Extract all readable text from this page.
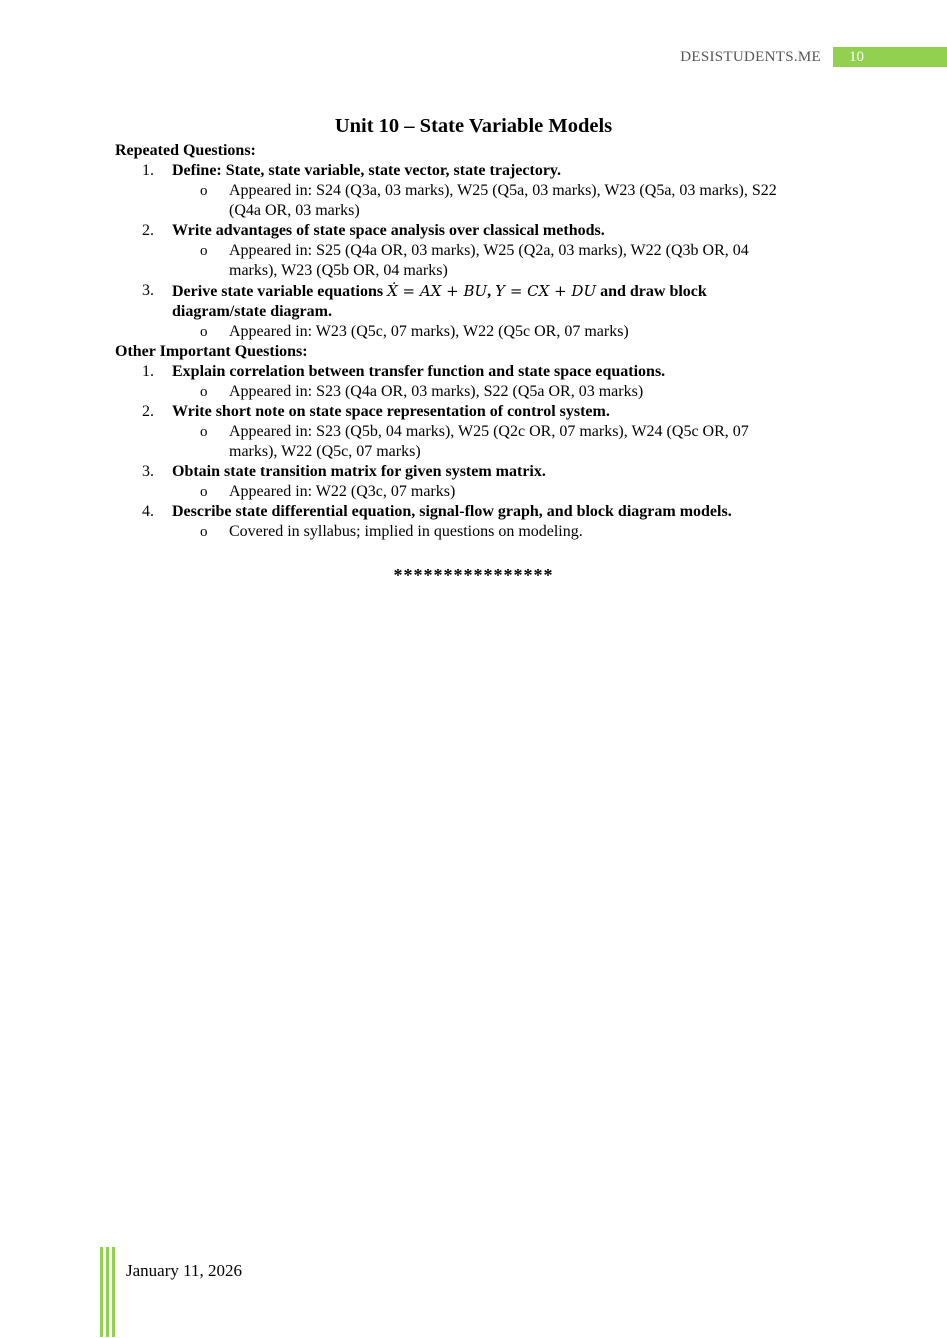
DESISTUDENTS.ME	10
Unit 10 – State Variable Models
Repeated Questions:
1. Define: State, state variable, state vector, state trajectory.
o Appeared in: S24 (Q3a, 03 marks), W25 (Q5a, 03 marks), W23 (Q5a, 03 marks), S22
(Q4a OR, 03 marks)
2. Write advantages of state space analysis over classical methods.
o Appeared in: S25 (Q4a OR, 03 marks), W25 (Q2a, 03 marks), W22 (Q3b OR, 04
marks), W23 (Q5b OR, 04 marks)
3. Derive state variable equations Ẋ = AX + BU, Y = CX + DU and draw block
diagram/state diagram.
o Appeared in: W23 (Q5c, 07 marks), W22 (Q5c OR, 07 marks)
Other Important Questions:
1. Explain correlation between transfer function and state space equations.
o Appeared in: S23 (Q4a OR, 03 marks), S22 (Q5a OR, 03 marks)
2. Write short note on state space representation of control system.
o Appeared in: S23 (Q5b, 04 marks), W25 (Q2c OR, 07 marks), W24 (Q5c OR, 07
marks), W22 (Q5c, 07 marks)
3. Obtain state transition matrix for given system matrix.
o Appeared in: W22 (Q3c, 07 marks)
4. Describe state differential equation, signal-flow graph, and block diagram models.
o Covered in syllabus; implied in questions on modeling.
****************
January 11, 2026
